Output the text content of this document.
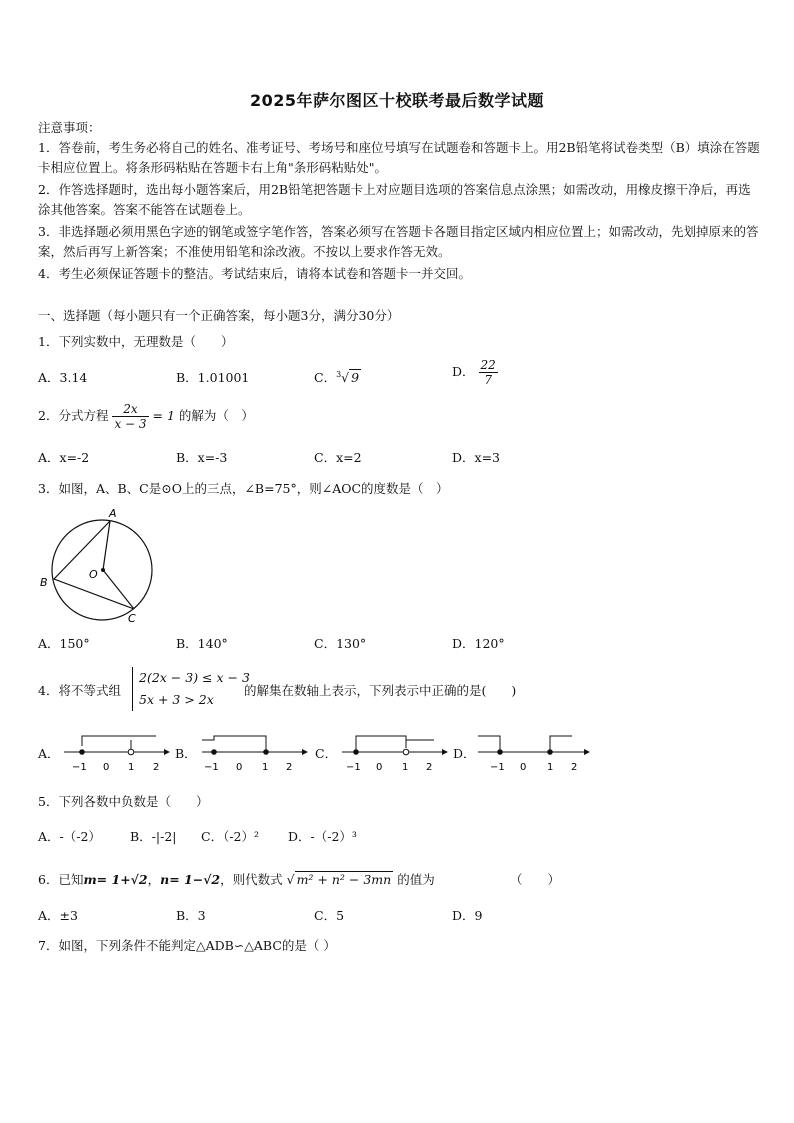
2025年萨尔图区十校联考最后数学试题
注意事项：
1．答卷前，考生务必将自己的姓名、准考证号、考场号和座位号填写在试题卷和答题卡上。用2B铅笔将试卷类型（B）填涂在答题卡相应位置上。将条形码粘贴在答题卡右上角"条形码粘贴处"。
2．作答选择题时，选出每小题答案后，用2B铅笔把答题卡上对应题目选项的答案信息点涂黑；如需改动，用橡皮擦干净后，再选涂其他答案。答案不能答在试题卷上。
3．非选择题必须用黑色字迹的钢笔或签字笔作答，答案必须写在答题卡各题目指定区域内相应位置上；如需改动，先划掉原来的答案，然后再写上新答案；不准使用铅笔和涂改液。不按以上要求作答无效。
4．考生必须保证答题卡的整洁。考试结束后，请将本试卷和答题卡一并交回。
一、选择题（每小题只有一个正确答案，每小题3分，满分30分）
1．下列实数中，无理数是（　　）
A．3.14	B．1.01001	C．$^3$√ 9	D． $\frac{22}{7}$
2．分式方程 $\frac{2x}{x - 3} = 1$ 的解为（　）
A．x=-2	B．x=-3	C．x=2	D．x=3
3．如图，A、B、C是⊙O上的三点，∠B=75°，则∠AOC的度数是（　）
A
B
C
O
A．150°	B．140°	C．130°	D．120°
4．将不等式组
2(2x − 3) ≤ x − 3
5x + 3 > 2x
的解集在数轴上表示，下列表示中正确的是(　　)
A．	B．	C．	D．
−1 0 1 2	−1 0 1 2	−1 0 1 2	−1 0 1 2
5．下列各数中负数是（　　）
A．-（-2） B．-|-2| C．（-2）² D．-（-2）³
6．已知m= 1+√2，n= 1−√2，则代数式 √ m² + n² − 3mn 的值为	（　　）
A．±3	B．3	C．5	D．9
7．如图，下列条件不能判定△ADB∽△ABC的是（ ）
